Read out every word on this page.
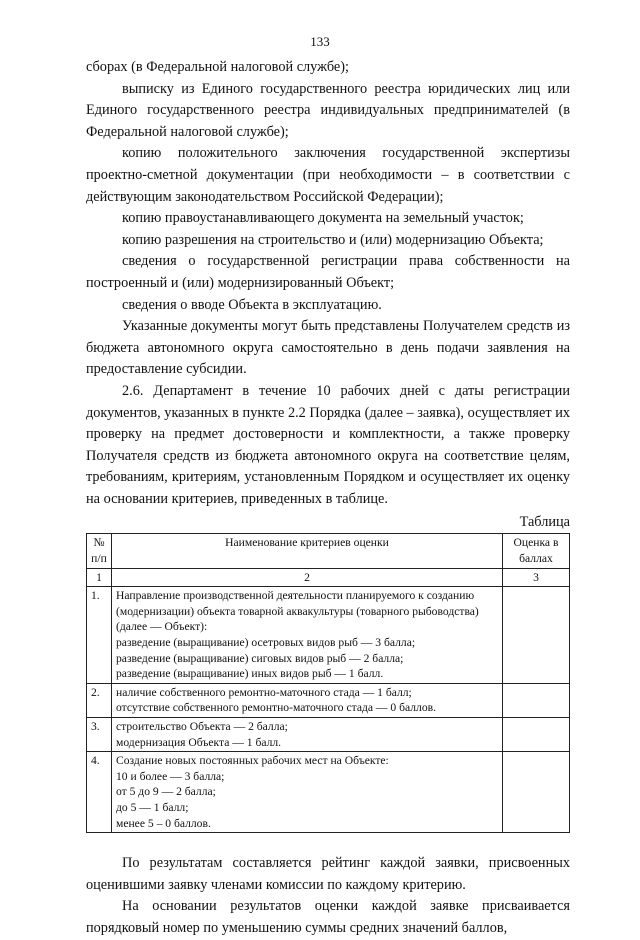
133

сборах (в Федеральной налоговой службе);

выписку из Единого государственного реестра юридических лиц или Единого государственного реестра индивидуальных предпринимателей (в Федеральной налоговой службе);

копию положительного заключения государственной экспертизы проектно-сметной документации (при необходимости – в соответствии с действующим законодательством Российской Федерации);

копию правоустанавливающего документа на земельный участок;

копию разрешения на строительство и (или) модернизацию Объекта;

сведения о государственной регистрации права собственности на построенный и (или) модернизированный Объект;

сведения о вводе Объекта в эксплуатацию.

Указанные документы могут быть представлены Получателем средств из бюджета автономного округа самостоятельно в день подачи заявления на предоставление субсидии.

2.6. Департамент в течение 10 рабочих дней с даты регистрации документов, указанных в пункте 2.2 Порядка (далее – заявка), осуществляет их проверку на предмет достоверности и комплектности, а также проверку Получателя средств из бюджета автономного округа на соответствие целям, требованиям, критериям, установленным Порядком и осуществляет их оценку на основании критериев, приведенных в таблице.

Таблица

№ п/п	Наименование критериев оценки	Оценка в баллах
1	2	3
1.	Направление производственной деятельности планируемого к созданию (модернизации) объекта товарной аквакультуры (товарного рыбоводства) (далее — Объект):
разведение (выращивание) осетровых видов рыб — 3 балла;
разведение (выращивание) сиговых видов рыб — 2 балла;
разведение (выращивание) иных видов рыб — 1 балл.	

2.	наличие собственного ремонтно-маточного стада — 1 балл;
отсутствие собственного ремонтно-маточного стада — 0 баллов.	

3.	строительство Объекта — 2 балла;
модернизация Объекта — 1 балл.	

4.	Создание новых постоянных рабочих мест на Объекте:
10 и более — 3 балла;
от 5 до 9 — 2 балла;
до 5 — 1 балл;
менее 5 – 0 баллов.	

По результатам составляется рейтинг каждой заявки, присвоенных оценившими заявку членами комиссии по каждому критерию.

На основании результатов оценки каждой заявке присваивается порядковый номер по уменьшению суммы средних значений баллов,
